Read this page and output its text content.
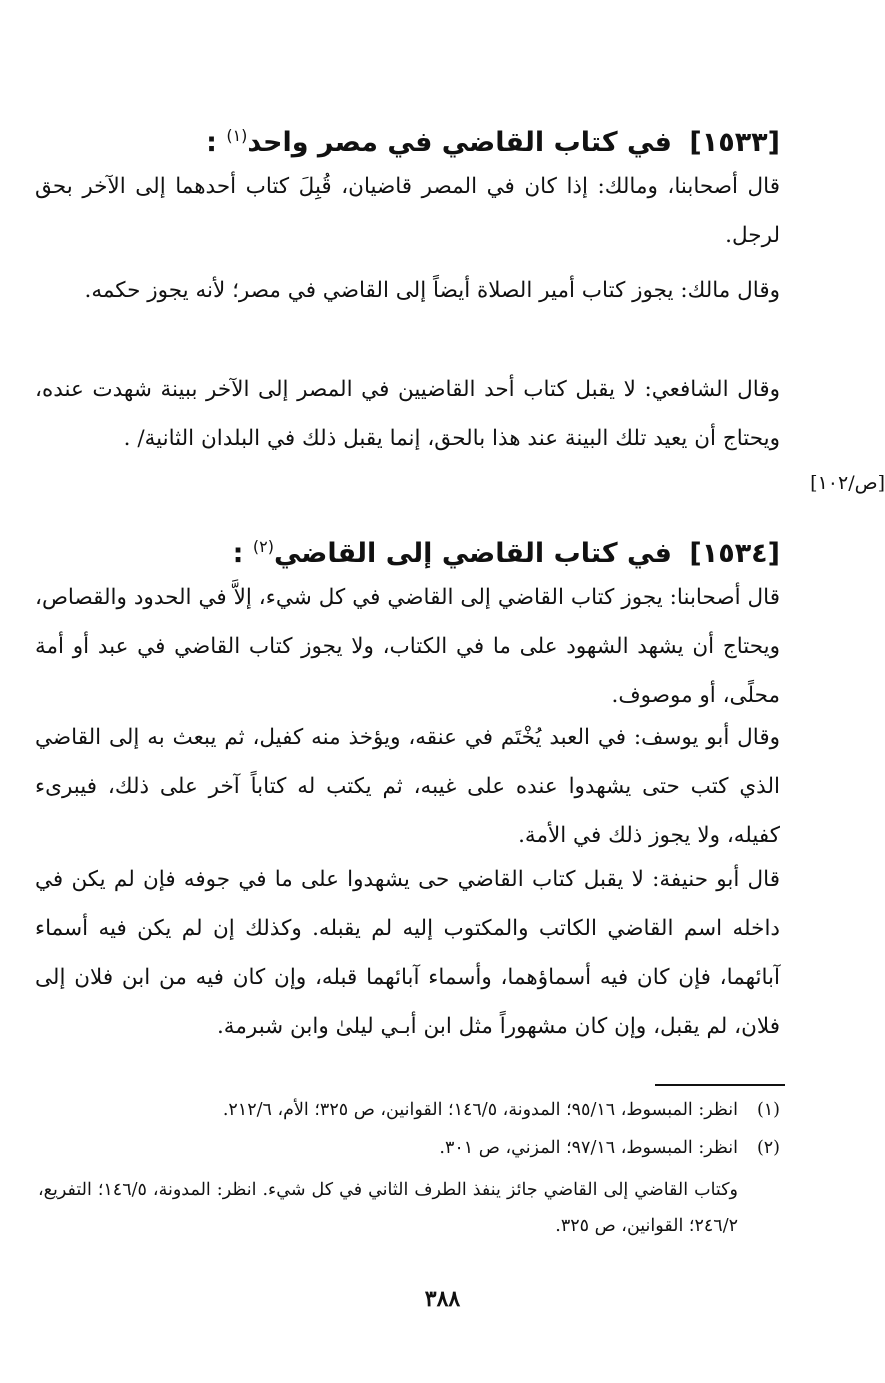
[١٥٣٣] في كتاب القاضي في مصر واحد$^{(١)}$ :

قال أصحابنا، ومالك: إذا كان في المصر قاضيان، قُبِلَ كتاب أحدهما إلى الآخر بحق لرجل.

وقال مالك: يجوز كتاب أمير الصلاة أيضاً إلى القاضي في مصر؛ لأنه يجوز حكمه.

وقال الشافعي: لا يقبل كتاب أحد القاضيين في المصر إلى الآخر ببينة شهدت عنده، ويحتاج أن يعيد تلك البينة عند هذا بالحق، إنما يقبل ذلك في البلدان الثانية/ .

[ص/١٠٢]
[١٥٣٤] في كتاب القاضي إلى القاضي$^{(٢)}$ :

قال أصحابنا: يجوز كتاب القاضي إلى القاضي في كل شيء، إلاَّ في الحدود والقصاص، ويحتاج أن يشهد الشهود على ما في الكتاب، ولا يجوز كتاب القاضي في عبد أو أمة محلًى، أو موصوف.

وقال أبو يوسف: في العبد يُخْتَم في عنقه، ويؤخذ منه كفيل، ثم يبعث به إلى القاضي الذي كتب حتى يشهدوا عنده على غيبه، ثم يكتب له كتاباً آخر على ذلك، فيبرىء كفيله، ولا يجوز ذلك في الأمة.

قال أبو حنيفة: لا يقبل كتاب القاضي حى يشهدوا على ما في جوفه فإن لم يكن في داخله اسم القاضي الكاتب والمكتوب إليه لم يقبله. وكذلك إن لم يكن فيه أسماء آبائهما، فإن كان فيه أسماؤهما، وأسماء آبائهما قبله، وإن كان فيه من ابن فلان إلى فلان، لم يقبل، وإن كان مشهوراً مثل ابن أبـي ليلىٰ وابن شبرمة.

(١)انظر: المبسوط، ٩٥/١٦؛ المدونة، ١٤٦/٥؛ القوانين، ص ٣٢٥؛ الأم، ٢١٢/٦.
(٢)انظر: المبسوط، ٩٧/١٦؛ المزني، ص ٣٠١.
وكتاب القاضي إلى القاضي جائز ينفذ الطرف الثاني في كل شيء. انظر: المدونة، ١٤٦/٥؛ التفريع، ٢٤٦/٢؛ القوانين، ص ٣٢٥.
٣٨٨
